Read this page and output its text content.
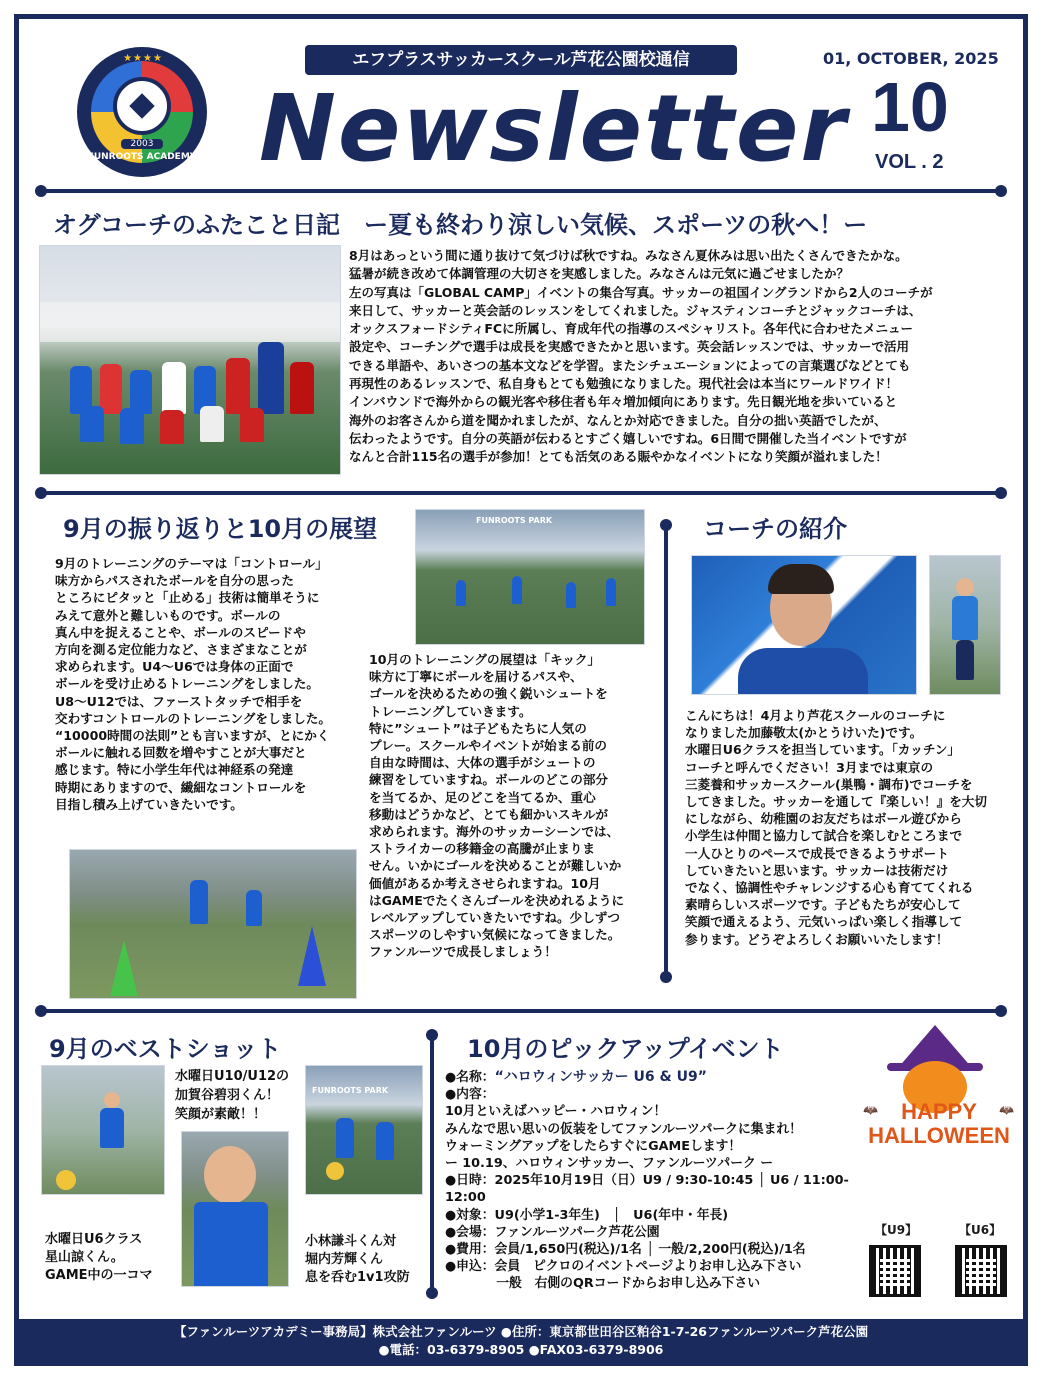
★★★★
2003
FUNROOTS ACADEMY
エフプラスサッカースクール芦花公園校通信
Newsletter
01, OCTOBER, 2025
10
VOL . 2
オグコーチのふたこと日記　ー夏も終わり涼しい気候、スポーツの秋へ！ー

8月はあっという間に通り抜けて気づけば秋ですね。みなさん夏休みは思い出たくさんできたかな。

猛暑が続き改めて体調管理の大切さを実感しました。みなさんは元気に過ごせましたか？

左の写真は「GLOBAL CAMP」イベントの集合写真。サッカーの祖国イングランドから2人のコーチが

来日して、サッカーと英会話のレッスンをしてくれました。ジャスティンコーチとジャックコーチは、

オックスフォードシティFCに所属し、育成年代の指導のスペシャリスト。各年代に合わせたメニュー

設定や、コーチングで選手は成長を実感できたかと思います。英会話レッスンでは、サッカーで活用

できる単語や、あいさつの基本文などを学習。またシチュエーションによっての言葉選びなどとても

再現性のあるレッスンで、私自身もとても勉強になりました。現代社会は本当にワールドワイド！

インバウンドで海外からの観光客や移住者も年々増加傾向にあります。先日観光地を歩いていると

海外のお客さんから道を聞かれましたが、なんとか対応できました。自分の拙い英語でしたが、

伝わったようです。自分の英語が伝わるとすごく嬉しいですね。6日間で開催した当イベントですが

なんと合計115名の選手が参加！とても活気のある賑やかなイベントになり笑顔が溢れました！

9月の振り返りと10月の展望	FUNROOTS PARK

9月のトレーニングのテーマは「コントロール」

味方からパスされたボールを自分の思った

ところにピタッと「止める」技術は簡単そうに

みえて意外と難しいものです。ボールの

真ん中を捉えることや、ボールのスピードや

方向を測る定位能力など、さまざまなことが

求められます。U4～U6では身体の正面で

ボールを受け止めるトレーニングをしました。

U8～U12では、ファーストタッチで相手を

交わすコントロールのトレーニングをしました。

“10000時間の法則”とも言いますが、とにかく

ボールに触れる回数を増やすことが大事だと

感じます。特に小学生年代は神経系の発達

時期にありますので、繊細なコントロールを

目指し積み上げていきたいです。

10月のトレーニングの展望は「キック」

味方に丁寧にボールを届けるパスや、

ゴールを決めるための強く鋭いシュートを

トレーニングしていきます。

特に”シュート”は子どもたちに人気の

プレー。スクールやイベントが始まる前の

自由な時間は、大体の選手がシュートの

練習をしていますね。ボールのどこの部分

を当てるか、足のどこを当てるか、重心

移動はどうかなど、とても細かいスキルが

求められます。海外のサッカーシーンでは、

ストライカーの移籍金の高騰が止まりま

せん。いかにゴールを決めることが難しいか

価値があるか考えさせられますね。10月

はGAMEでたくさんゴールを決めれるように

レベルアップしていきたいですね。少しずつ

スポーツのしやすい気候になってきました。

ファンルーツで成長しましょう！

コーチの紹介

こんにちは！4月より芦花スクールのコーチに

なりました加藤敬太(かとうけいた)です。

水曜日U6クラスを担当しています。「カッチン」

コーチと呼んでください！3月までは東京の

三菱養和サッカースクール(巣鴨・調布)でコーチを

してきました。サッカーを通して『楽しい！』を大切

にしながら、幼稚園のお友だちはボール遊びから

小学生は仲間と協力して試合を楽しむところまで

一人ひとりのペースで成長できるようサポート

していきたいと思います。サッカーは技術だけ

でなく、協調性やチャレンジする心も育ててくれる

素晴らしいスポーツです。子どもたちが安心して

笑顔で通えるよう、元気いっぱい楽しく指導して

参ります。どうぞよろしくお願いいたします！

9月のベストショット

水曜日U6クラス

星山諒くん。

GAME中の一コマ

水曜日U10/U12の

加賀谷碧羽くん！

笑顔が素敵！！

FUNROOTS PARK

小林謙斗くん対

堀内芳輝くん

息を呑む1v1攻防

10月のピックアップイベント

●名称：“ハロウィンサッカー U6 & U9”

●内容：

10月といえばハッピー・ハロウィン！

みんなで思い思いの仮装をしてファンルーツパークに集まれ！

ウォーミングアップをしたらすぐにGAMEします！

ー 10.19、ハロウィンサッカー、ファンルーツパーク ー

●日時：2025年10月19日（日）U9 / 9:30-10:45 │ U6 / 11:00-12:00

●対象：U9(小学1-3年生)　│　U6(年中・年長)

●会場：ファンルーツパーク芦花公園

●費用：会員/1,650円(税込)/1名 │ 一般/2,200円(税込)/1名

●申込：会員　ピクロのイベントページよりお申し込み下さい

　　　　一般　右側のQRコードからお申し込み下さい

🦇	🦇
HAPPY
HALLOWEEN
【U9】	【U6】
【ファンルーツアカデミー事務局】株式会社ファンルーツ ●住所：東京都世田谷区粕谷1-7-26ファンルーツパーク芦花公園
●電話：03-6379-8905 ●FAX03-6379-8906
